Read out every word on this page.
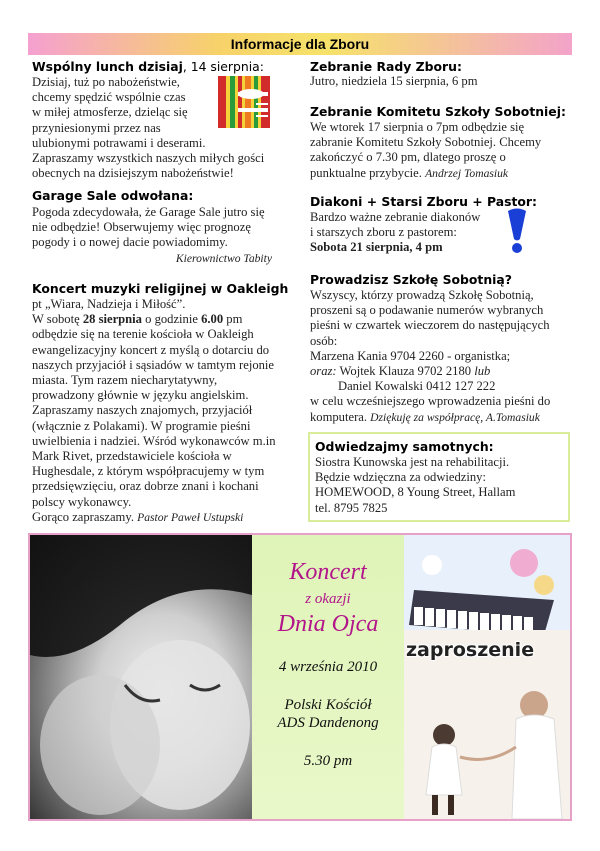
Informacje dla Zboru
Wspólny lunch dzisiaj, 14 sierpnia:
Dzisiaj, tuż po nabożeństwie,
chcemy spędzić wspólnie czas
w miłej atmosferze, dzieląc się
przyniesionymi przez nas
ulubionymi potrawami i deserami.
Zapraszamy wszystkich naszych miłych gości
obecnych na dzisiejszym nabożeństwie!
Garage Sale odwołana:
Pogoda zdecydowała, że Garage Sale jutro się
nie odbędzie! Obserwujemy więc prognozę
pogody i o nowej dacie powiadomimy.
Kierownictwo Tabity
Koncert muzyki religijnej w Oakleigh
pt „Wiara, Nadzieja i Miłość”.
W sobotę 28 sierpnia o godzinie 6.00 pm
odbędzie się na terenie kościoła w Oakleigh
ewangelizacyjny koncert z myślą o dotarciu do
naszych przyjaciół i sąsiadów w tamtym rejonie
miasta. Tym razem niecharytatywny,
prowadzony głównie w języku angielskim.
Zapraszamy naszych znajomych, przyjaciół
(włącznie z Polakami). W programie pieśni
uwielbienia i nadziei. Wśród wykonawców m.in
Mark Rivet, przedstawiciele kościoła w
Hughesdale, z którym współpracujemy w tym
przedsięwzięciu, oraz dobrze znani i kochani
polscy wykonawcy.
Gorąco zapraszamy. Pastor Paweł Ustupski
Zebranie Rady Zboru:
Jutro, niedziela 15 sierpnia, 6 pm
Zebranie Komitetu Szkoły Sobotniej:
We wtorek 17 sierpnia o 7pm odbędzie się
zabranie Komitetu Szkoły Sobotniej. Chcemy
zakończyć o 7.30 pm, dlatego proszę o
punktualne przybycie. Andrzej Tomasiuk
Diakoni + Starsi Zboru + Pastor:
Bardzo ważne zebranie diakonów
i starszych zboru z pastorem:
Sobota 21 sierpnia, 4 pm
Prowadzisz Szkołę Sobotnią?
Wszyscy, którzy prowadzą Szkołę Sobotnią,
proszeni są o podawanie numerów wybranych
pieśni w czwartek wieczorem do następujących
osób:
Marzena Kania 9704 2260 - organistka;
oraz: Wojtek Klauza 9702 2180 lub
Daniel Kowalski 0412 127 222
w celu wcześniejszego wprowadzenia pieśni do
komputera. Dziękuję za współpracę, A.Tomasiuk
Odwiedzajmy samotnych:
Siostra Kunowska jest na rehabilitacji.
Będzie wdzięczna za odwiedziny:
HOMEWOOD, 8 Young Street, Hallam
tel. 8795 7825
Koncert
z okazji
Dnia Ojca
4 września 2010
Polski Kościół
ADS Dandenong
5.30 pm
zaproszenie
